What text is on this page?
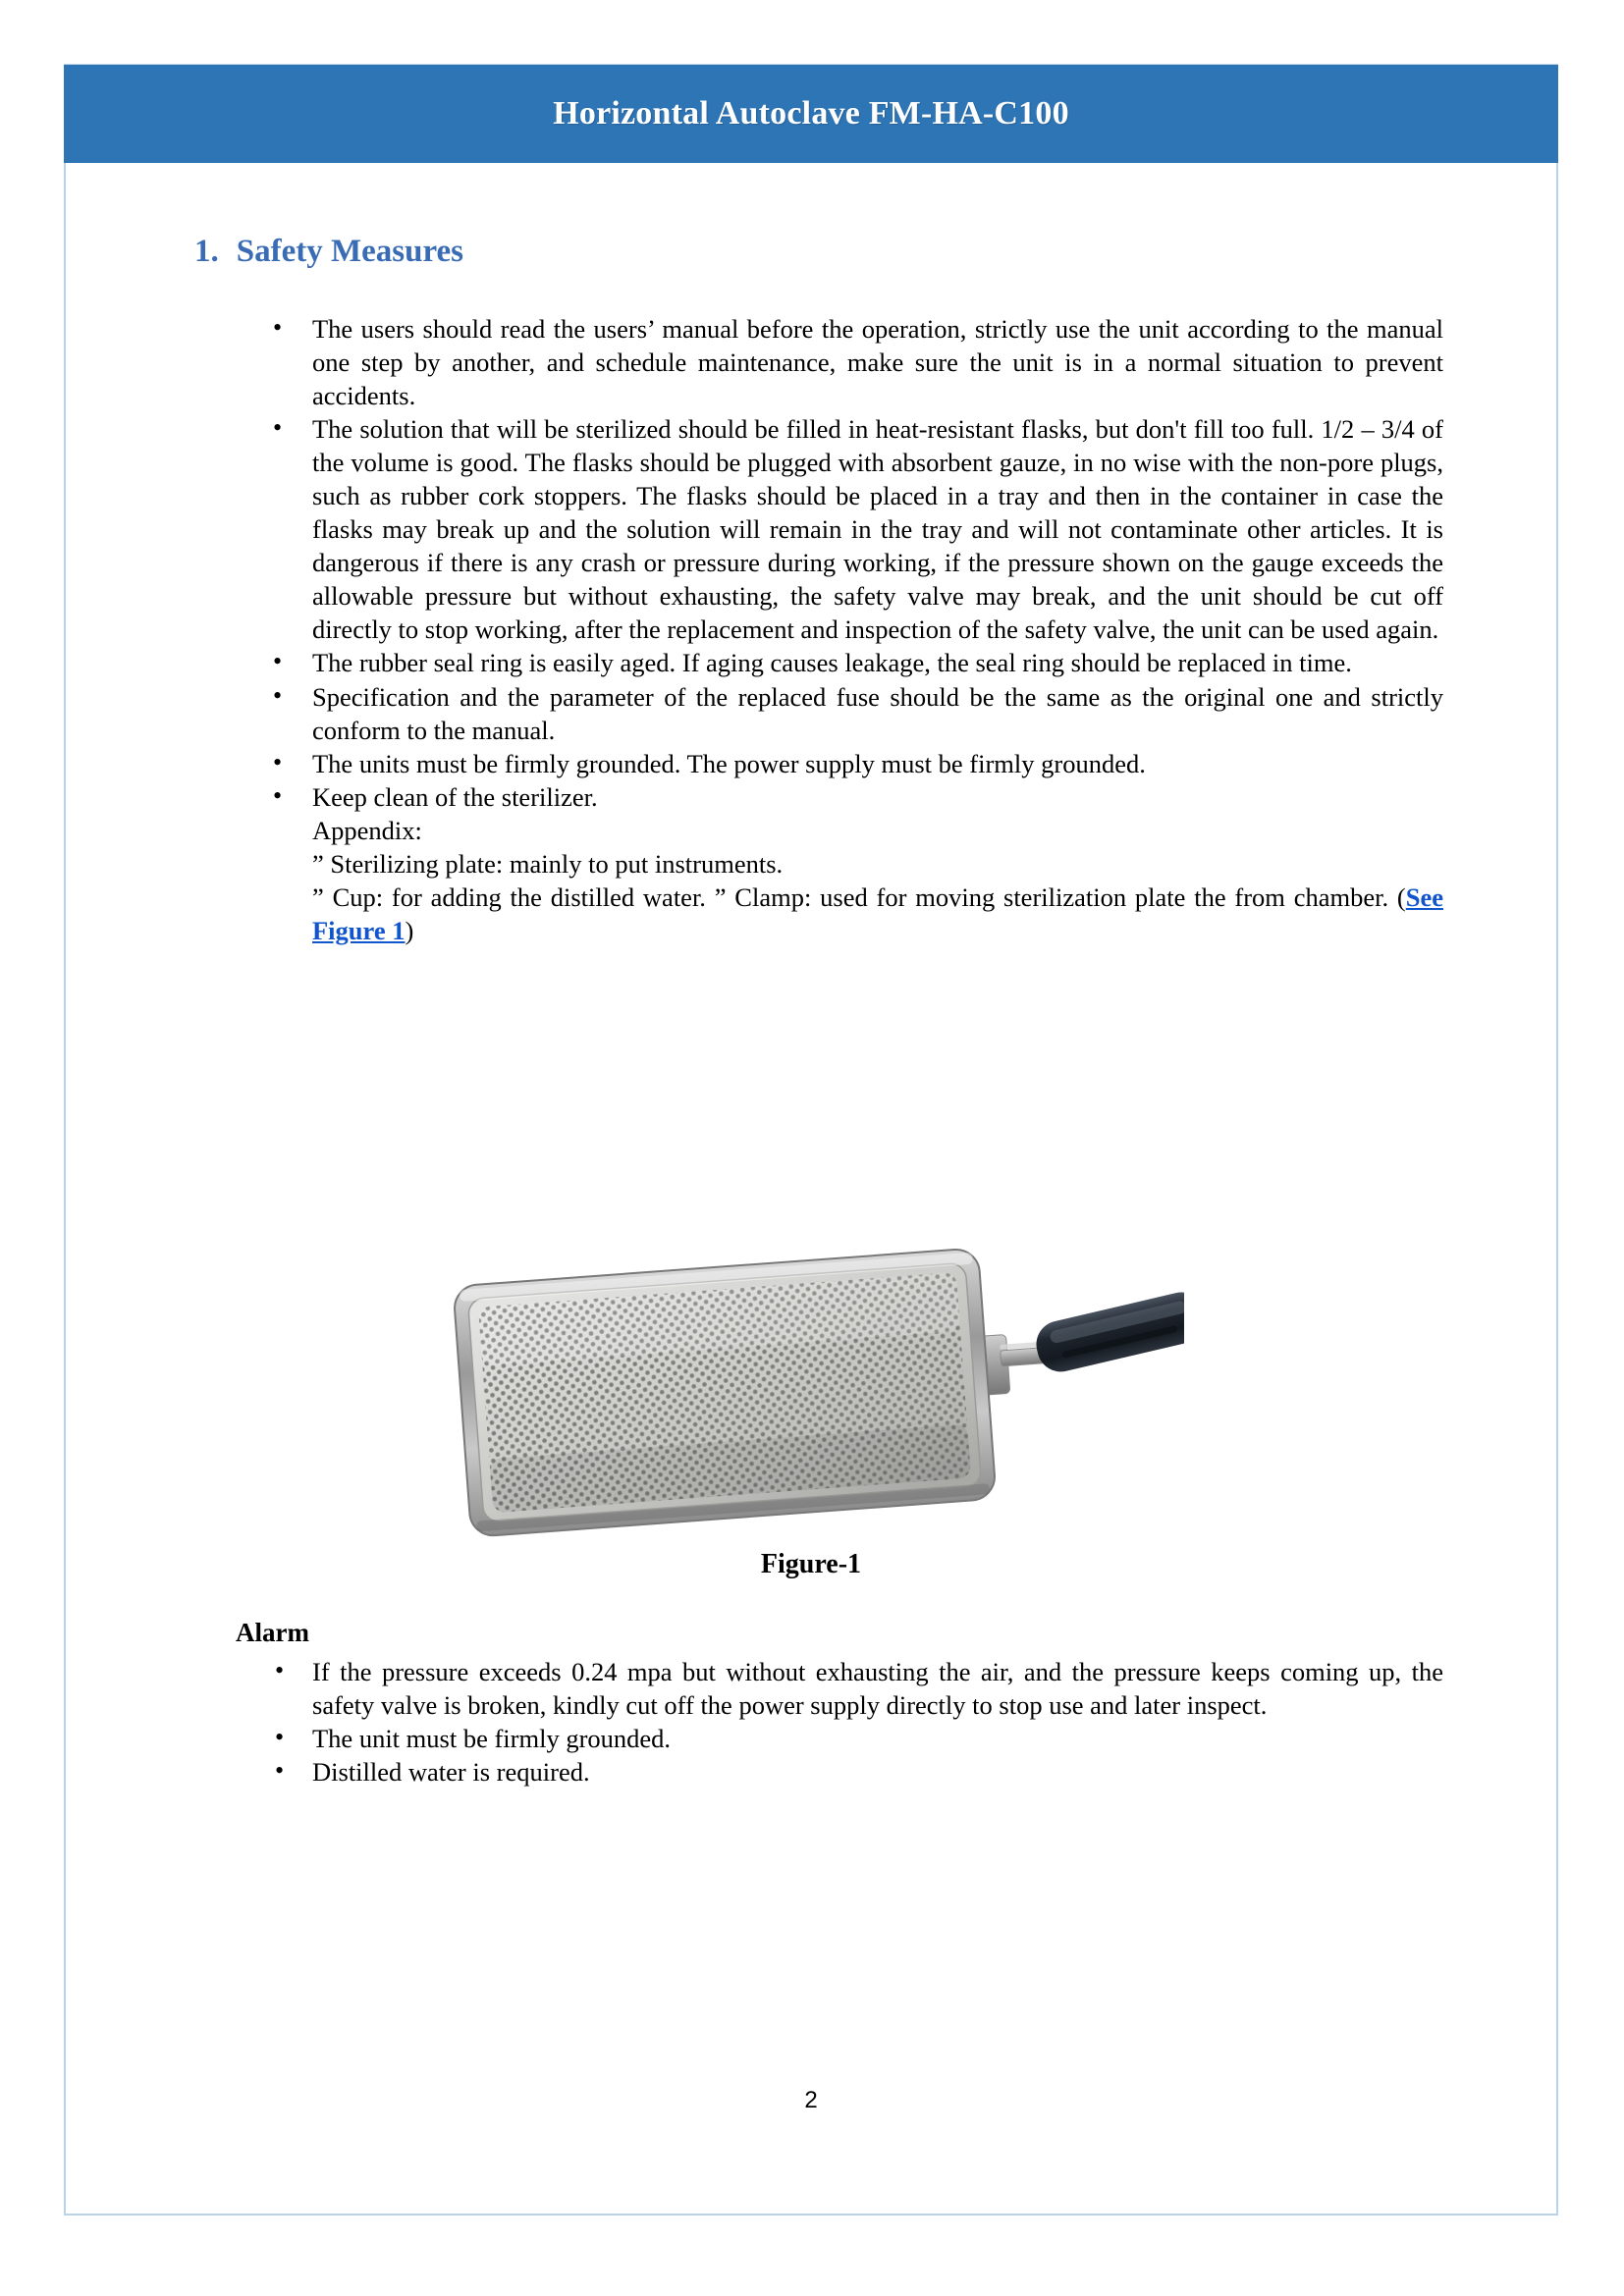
Horizontal Autoclave FM-HA-C100
1. Safety Measures
• The users should read the users’ manual before the operation, strictly use the unit according to the manual one step by another, and schedule maintenance, make sure the unit is in a normal situation to prevent accidents.
• The solution that will be sterilized should be filled in heat-resistant flasks, but don't fill too full. 1/2 – 3/4 of the volume is good. The flasks should be plugged with absorbent gauze, in no wise with the non-pore plugs, such as rubber cork stoppers. The flasks should be placed in a tray and then in the container in case the flasks may break up and the solution will remain in the tray and will not contaminate other articles. It is dangerous if there is any crash or pressure during working, if the pressure shown on the gauge exceeds the allowable pressure but without exhausting, the safety valve may break, and the unit should be cut off directly to stop working, after the replacement and inspection of the safety valve, the unit can be used again.
• The rubber seal ring is easily aged. If aging causes leakage, the seal ring should be replaced in time.
• Specification and the parameter of the replaced fuse should be the same as the original one and strictly conform to the manual.
• The units must be firmly grounded. The power supply must be firmly grounded.
• Keep clean of the sterilizer.
Appendix:
” Sterilizing plate: mainly to put instruments.
” Cup: for adding the distilled water. ” Clamp: used for moving sterilization plate the from chamber. (See Figure 1)
Figure-1
Alarm
• If the pressure exceeds 0.24 mpa but without exhausting the air, and the pressure keeps coming up, the safety valve is broken, kindly cut off the power supply directly to stop use and later inspect.
• The unit must be firmly grounded.
• Distilled water is required.
2
